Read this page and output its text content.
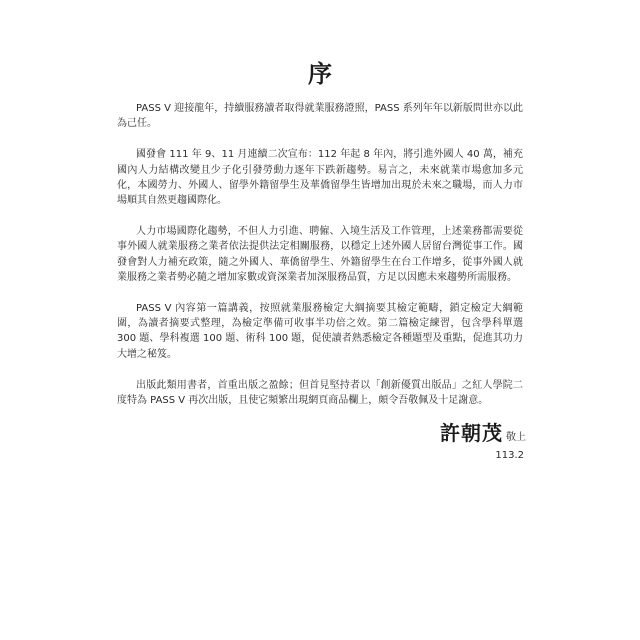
序

PASS V 迎接龍年，持續服務讀者取得就業服務證照，PASS 系列年年以新版問世亦以此為己任。

國發會 111 年 9、11 月連續二次宣布：112 年起 8 年內，將引進外國人 40 萬，補充國內人力結構改變且少子化引發勞動力逐年下跌新趨勢。易言之，未來就業市場愈加多元化，本國勞力、外國人、留學外籍留學生及華僑留學生皆增加出現於未來之職場，而人力市場順其自然更趨國際化。

人力市場國際化趨勢，不但人力引進、聘僱、入境生活及工作管理，上述業務都需要從事外國人就業服務之業者依法提供法定相關服務，以穩定上述外國人居留台灣從事工作。國發會對人力補充政策，隨之外國人、華僑留學生、外籍留學生在台工作增多，從事外國人就業服務之業者勢必隨之增加家數或資深業者加深服務品質，方足以因應未來趨勢所需服務。

PASS V 內容第一篇講義，按照就業服務檢定大綱摘要其檢定範疇，鎖定檢定大綱範圍，為讀者摘要式整理，為檢定準備可收事半功倍之效。第二篇檢定練習，包含學科單選 300 題、學科複選 100 題、術科 100 題，促使讀者熟悉檢定各種題型及重點，促進其功力大增之秘笈。

出版此類用書者，首重出版之盈餘；但首見堅持者以「創新優質出版品」之紅人學院二度特為 PASS V 再次出版，且使它頻繁出現網頁商品欄上，頗令吾敬佩及十足謝意。

許朝茂 敬上
113.2
